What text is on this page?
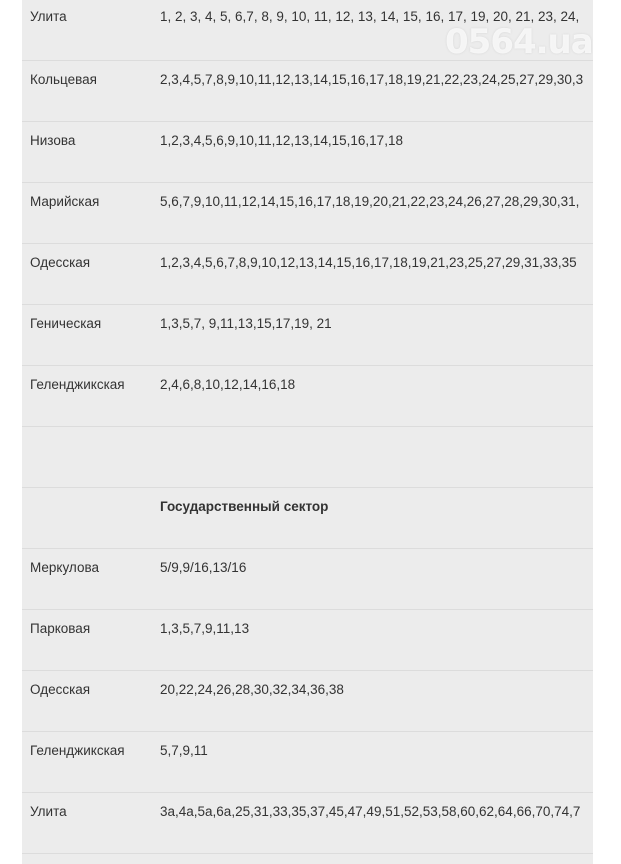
Улита	1, 2, 3, 4, 5, 6,7, 8, 9, 10, 11, 12, 13, 14, 15, 16, 17, 19, 20, 21, 23, 24,
Кольцевая	2,3,4,5,7,8,9,10,11,12,13,14,15,16,17,18,19,21,22,23,24,25,27,29,30,3
Низова	1,2,3,4,5,6,9,10,11,12,13,14,15,16,17,18
Марийская	5,6,7,9,10,11,12,14,15,16,17,18,19,20,21,22,23,24,26,27,28,29,30,31,
Одесская	1,2,3,4,5,6,7,8,9,10,12,13,14,15,16,17,18,19,21,23,25,27,29,31,33,35
Геническая	1,3,5,7, 9,11,13,15,17,19, 21
Геленджикская	2,4,6,8,10,12,14,16,18
Государственный сектор
Меркулова	5/9,9/16,13/16
Парковая	1,3,5,7,9,11,13
Одесская	20,22,24,26,28,30,32,34,36,38
Геленджикская	5,7,9,11
Улита	3a,4a,5a,6a,25,31,33,35,37,45,47,49,51,52,53,58,60,62,64,66,70,74,7
0564.ua
